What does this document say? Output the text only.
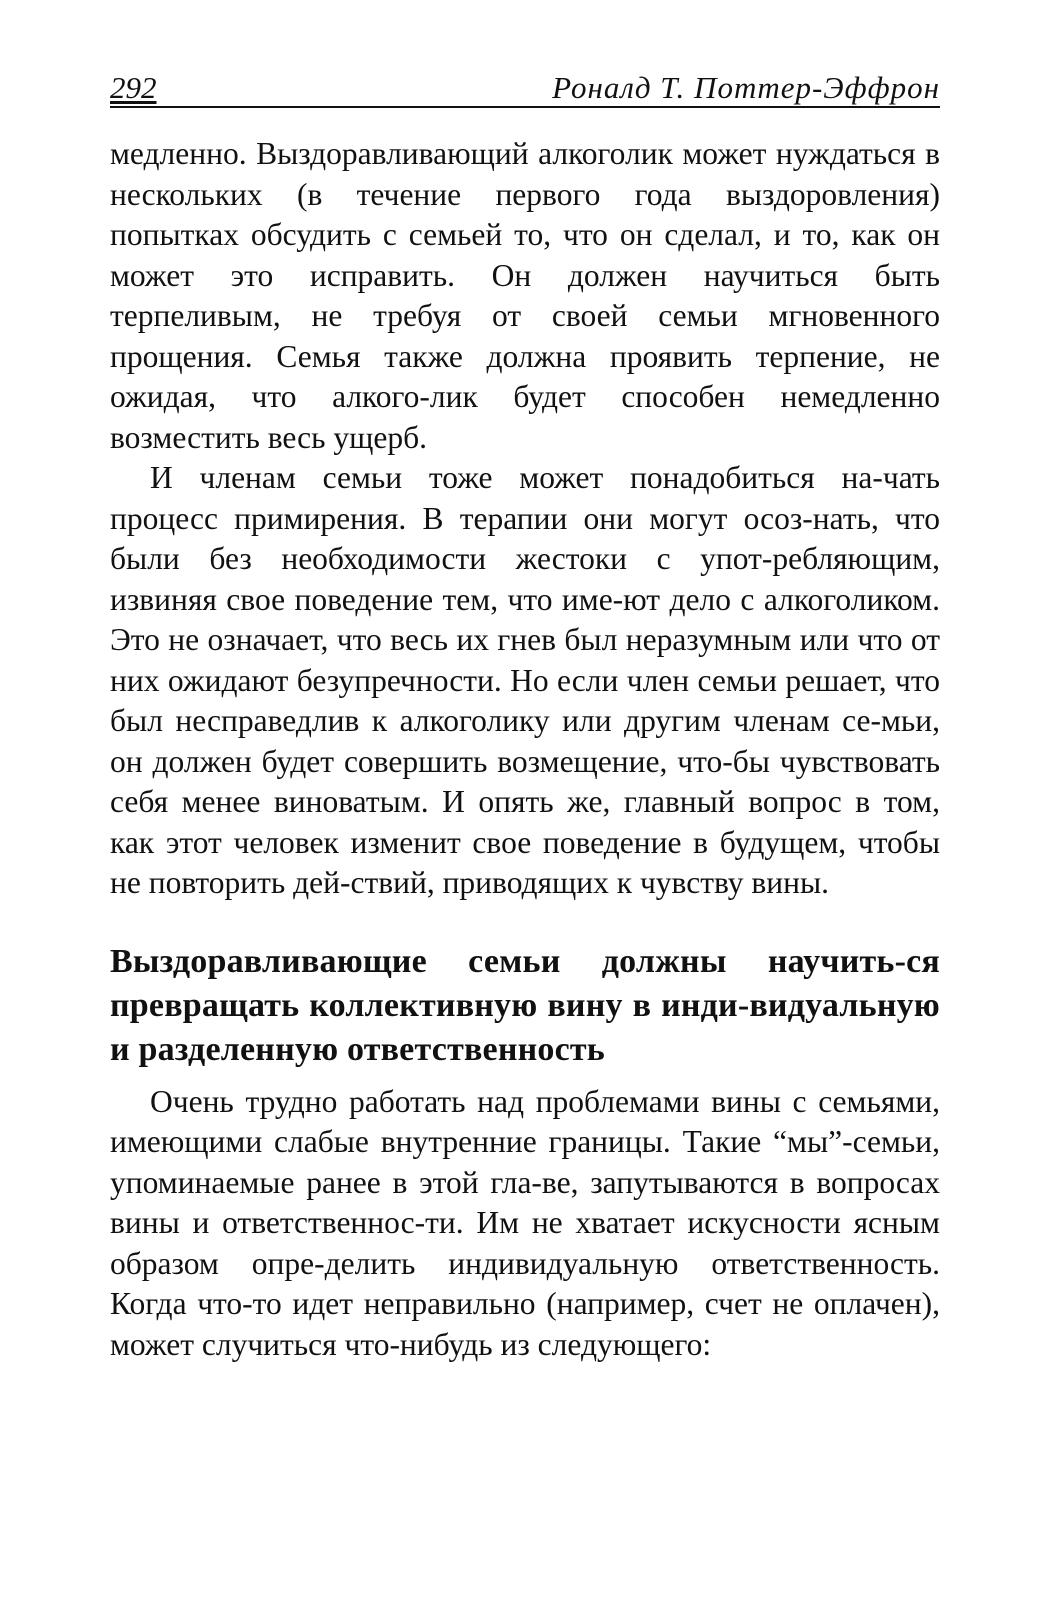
292	Роналд Т. Поттер-Эффрон

медленно. Выздоравливающий алкоголик может нуждаться в нескольких (в течение первого года выздоровления) попытках обсудить с семьей то, что он сделал, и то, как он может это исправить. Он должен научиться быть терпеливым, не требуя от своей семьи мгновенного прощения. Семья также должна проявить терпение, не ожидая, что алкого-лик будет способен немедленно возместить весь ущерб.

И членам семьи тоже может понадобиться на-чать процесс примирения. В терапии они могут осоз-нать, что были без необходимости жестоки с упот-ребляющим, извиняя свое поведение тем, что име-ют дело с алкоголиком. Это не означает, что весь их гнев был неразумным или что от них ожидают безупречности. Но если член семьи решает, что был несправедлив к алкоголику или другим членам се-мьи, он должен будет совершить возмещение, что-бы чувствовать себя менее виноватым. И опять же, главный вопрос в том, как этот человек изменит свое поведение в будущем, чтобы не повторить дей-ствий, приводящих к чувству вины.

Выздоравливающие семьи должны научить-ся превращать коллективную вину в инди-видуальную и разделенную ответственность

Очень трудно работать над проблемами вины с семьями, имеющими слабые внутренние границы. Такие “мы”-семьи, упоминаемые ранее в этой гла-ве, запутываются в вопросах вины и ответственнос-ти. Им не хватает искусности ясным образом опре-делить индивидуальную ответственность. Когда что-то идет неправильно (например, счет не оплачен), может случиться что-нибудь из следующего:
